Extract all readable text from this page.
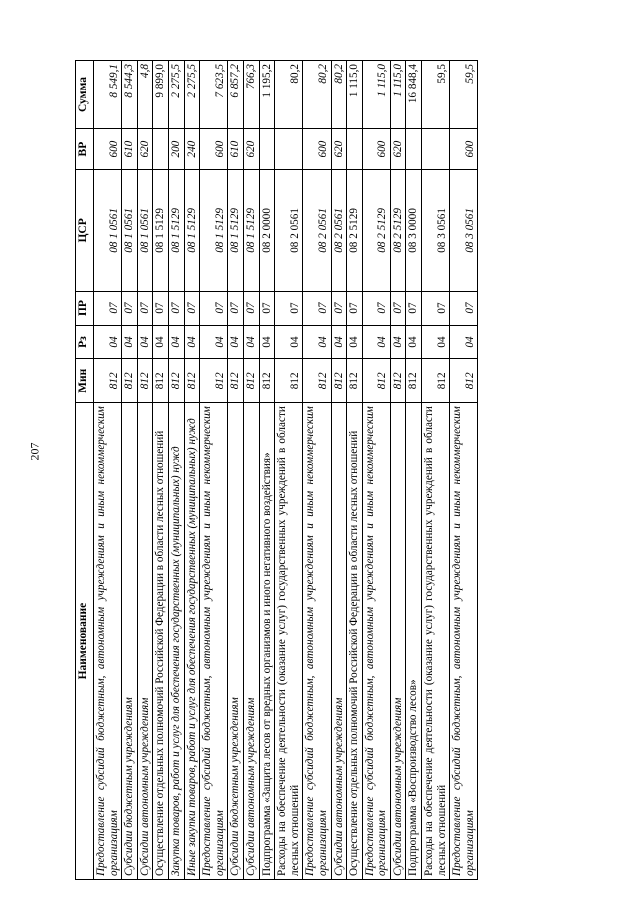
207
Наименование	Мин	Рз	ПР	ЦСР	ВР	Сумма
Предоставление субсидий бюджетным, автономным учреждениям и иным некоммерческим организациям	812	04	07	08 1 0561	600	8 549,1
Субсидии бюджетным учреждениям	812	04	07	08 1 0561	610	8 544,3
Субсидии автономным учреждениям	812	04	07	08 1 0561	620	4,8
Осуществление отдельных полномочий Российской Федерации в области лесных отношений	812	04	07	08 1 5129		9 899,0
Закупка товаров, работ и услуг для обеспечения государственных (муниципальных) нужд	812	04	07	08 1 5129	200	2 275,5
Иные закупки товаров, работ и услуг для обеспечения государственных (муниципальных) нужд	812	04	07	08 1 5129	240	2 275,5
Предоставление субсидий бюджетным, автономным учреждениям и иным некоммерческим организациям	812	04	07	08 1 5129	600	7 623,5
Субсидии бюджетным учреждениям	812	04	07	08 1 5129	610	6 857,2
Субсидии автономным учреждениям	812	04	07	08 1 5129	620	766,3
Подпрограмма «Защита лесов от вредных организмов и иного негативного воздействия»	812	04	07	08 2 0000		1 195,2
Расходы на обеспечение деятельности (оказание услуг) государственных учреждений в области лесных отношений	812	04	07	08 2 0561		80,2
Предоставление субсидий бюджетным, автономным учреждениям и иным некоммерческим организациям	812	04	07	08 2 0561	600	80,2
Субсидии автономным учреждениям	812	04	07	08 2 0561	620	80,2
Осуществление отдельных полномочий Российской Федерации в области лесных отношений	812	04	07	08 2 5129		1 115,0
Предоставление субсидий бюджетным, автономным учреждениям и иным некоммерческим организациям	812	04	07	08 2 5129	600	1 115,0
Субсидии автономным учреждениям	812	04	07	08 2 5129	620	1 115,0
Подпрограмма «Воспроизводство лесов»	812	04	07	08 3 0000		16 848,4
Расходы на обеспечение деятельности (оказание услуг) государственных учреждений в области лесных отношений	812	04	07	08 3 0561		59,5
Предоставление субсидий бюджетным, автономным учреждениям и иным некоммерческим организациям	812	04	07	08 3 0561	600	59,5
